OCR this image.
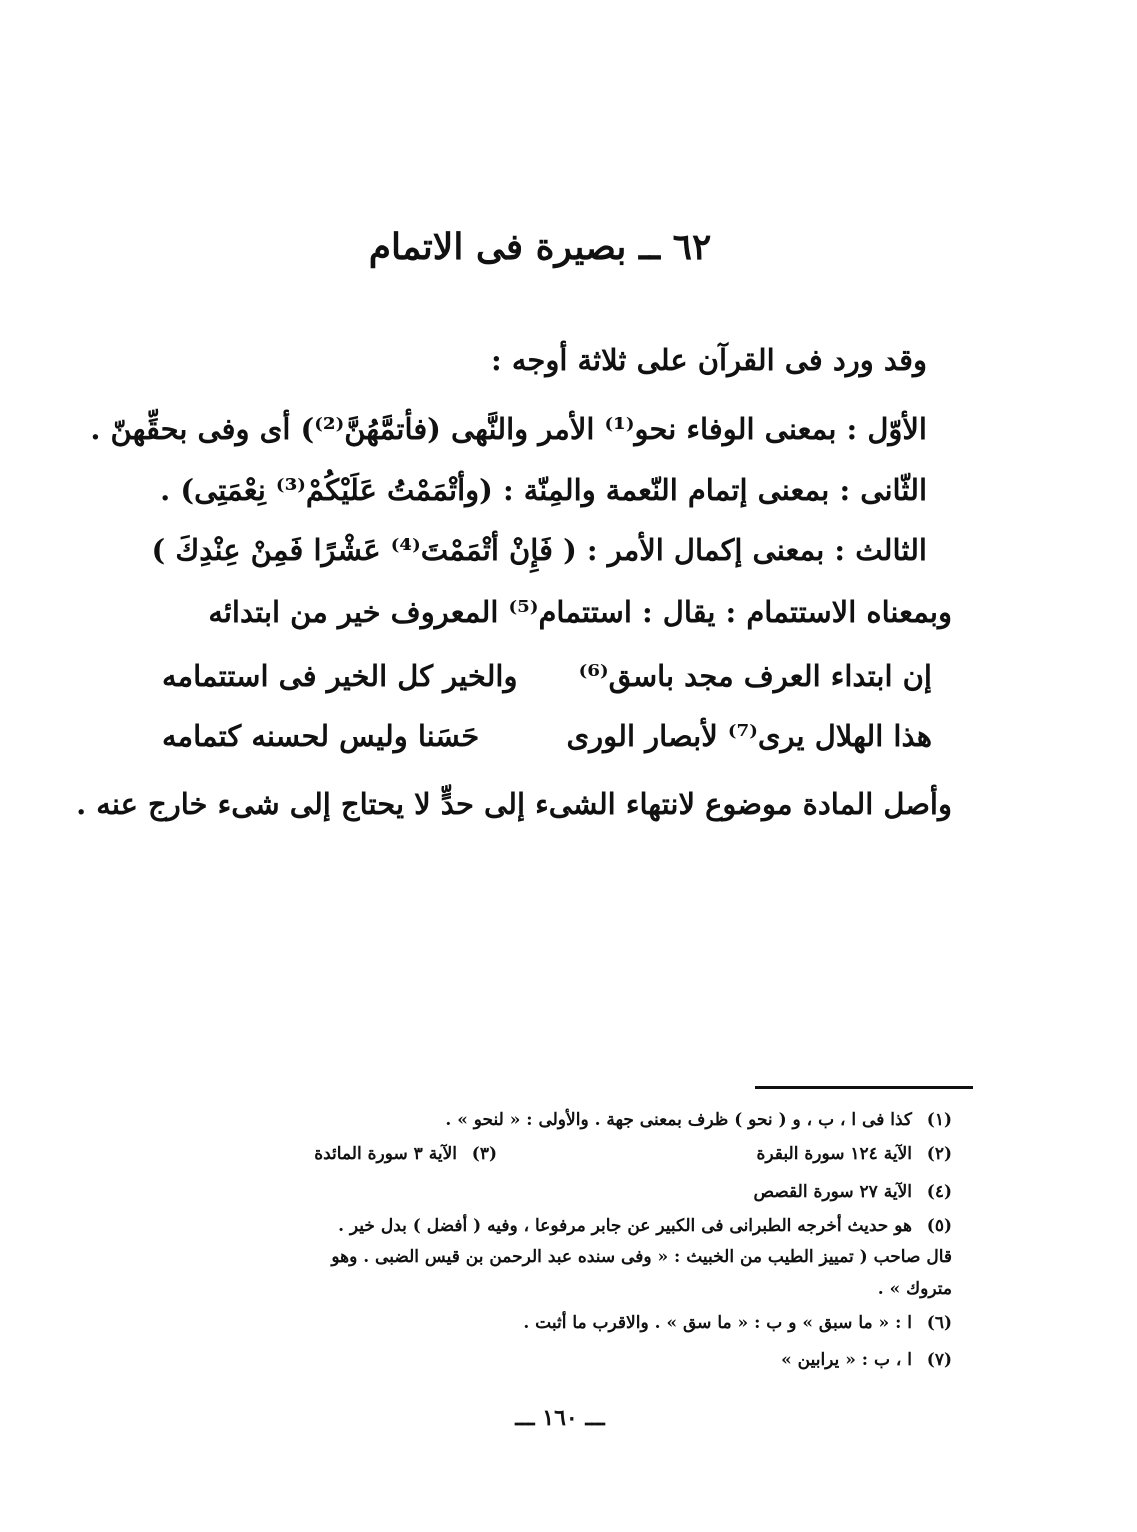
٦٢ ــ بصيرة فى الاتمام
وقد ورد فى القرآن على ثلاثة أوجه :
الأوّل : بمعنى الوفاء نحو⁽¹⁾ الأمر والنَّهى (فأتمَّهُنَّ⁽²⁾) أى وفى بحقِّهنّ .
الثّانى : بمعنى إتمام النّعمة والمِنّة : (وأتْمَمْتُ عَلَيْكُمْ⁽³⁾ نِعْمَتِى) .
الثالث : بمعنى إكمال الأمر : ( فَإِنْ أتْمَمْتَ⁽⁴⁾ عَشْرًا فَمِنْ عِنْدِكَ )
وبمعناه الاستتمام : يقال : استتمام⁽⁵⁾ المعروف خير من ابتدائه
إن ابتداء العرف مجد باسق⁽⁶⁾
والخير كل الخير فى استتمامه
هذا الهلال يرى⁽⁷⁾ لأبصار الورى
حَسَنا وليس لحسنه كتمامه
وأصل المادة موضوع لانتهاء الشىء إلى حدٍّ لا يحتاج إلى شىء خارج عنه .
(١)
كذا فى ا ، ب ، و ( نحو ) ظرف بمعنى جهة . والأولى : « لنحو » .
(٢)
الآية ١٢٤ سورة البقرة
(٣)
الآية ٣ سورة المائدة
(٤)
الآية ٢٧ سورة القصص
(٥)
هو حديث أخرجه الطبرانى فى الكبير عن جابر مرفوعا ، وفيه ( أفضل ) بدل خير .
قال صاحب ( تمييز الطيب من الخبيث : « وفى سنده عبد الرحمن بن قيس الضبى . وهو
متروك » .
(٦)
ا : « ما سبق » و ب : « ما سق » . والاقرب ما أثبت .
(٧)
ا ، ب : « يرابين »
ـــ ١٦٠ ـــ
